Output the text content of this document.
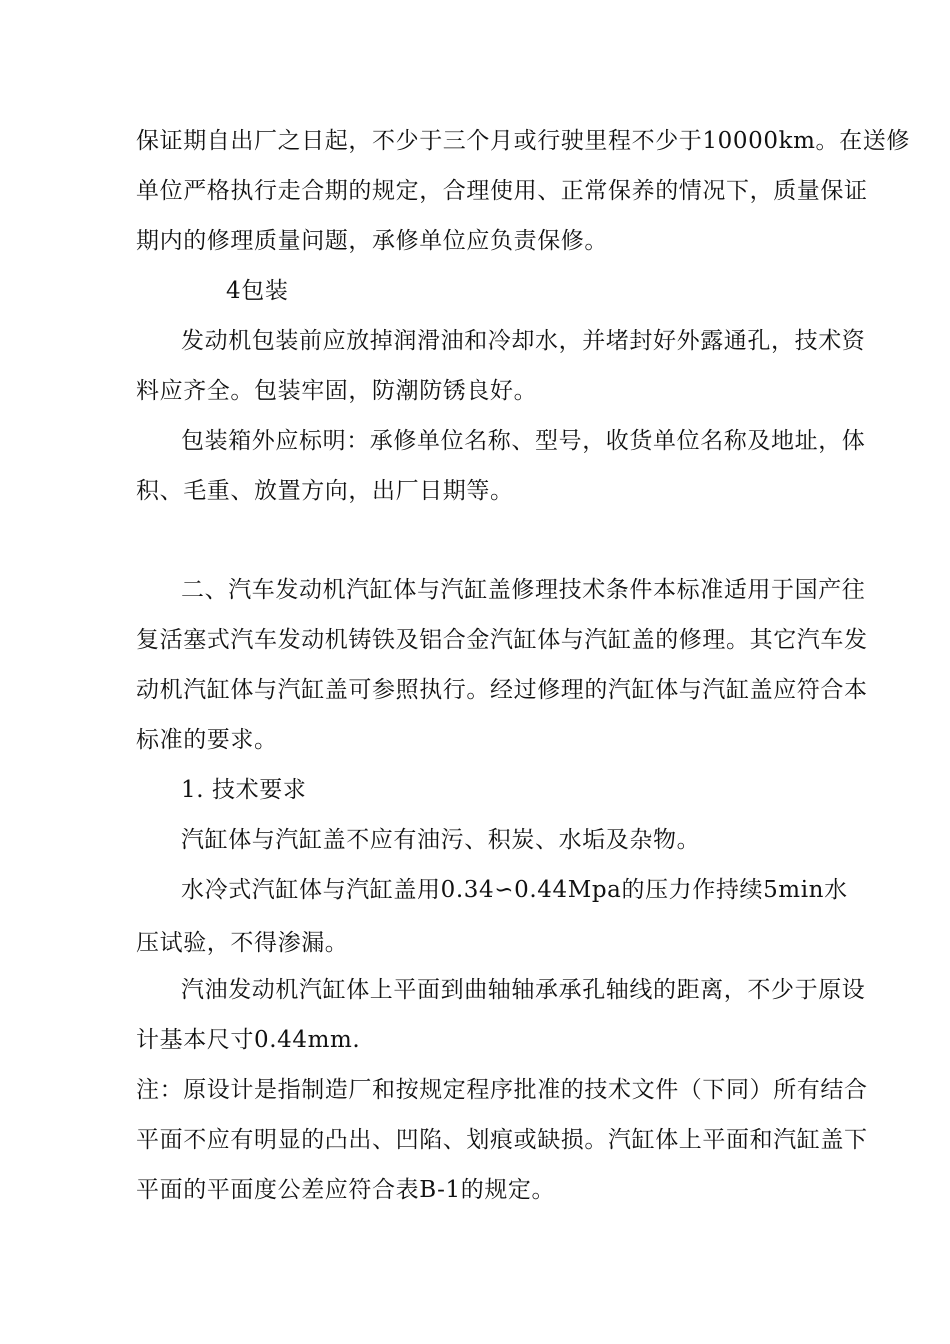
保证期自出厂之日起，不少于三个月或行驶里程不少于10000km。在送修
单位严格执行走合期的规定，合理使用、正常保养的情况下，质量保证
期内的修理质量问题，承修单位应负责保修。
4包装
发动机包装前应放掉润滑油和冷却水，并堵封好外露通孔，技术资
料应齐全。包装牢固，防潮防锈良好。
包装箱外应标明：承修单位名称、型号，收货单位名称及地址，体
积、毛重、放置方向，出厂日期等。
二、汽车发动机汽缸体与汽缸盖修理技术条件本标准适用于国产往
复活塞式汽车发动机铸铁及铝合金汽缸体与汽缸盖的修理。其它汽车发
动机汽缸体与汽缸盖可参照执行。经过修理的汽缸体与汽缸盖应符合本
标准的要求。
1. 技术要求
汽缸体与汽缸盖不应有油污、积炭、水垢及杂物。
水冷式汽缸体与汽缸盖用0.34∽0.44Mpa的压力作持续5min水
压试验，不得渗漏。
汽油发动机汽缸体上平面到曲轴轴承承孔轴线的距离，不少于原设
计基本尺寸0.44mm.
注：原设计是指制造厂和按规定程序批准的技术文件（下同）所有结合
平面不应有明显的凸出、凹陷、划痕或缺损。汽缸体上平面和汽缸盖下
平面的平面度公差应符合表B-1的规定。
